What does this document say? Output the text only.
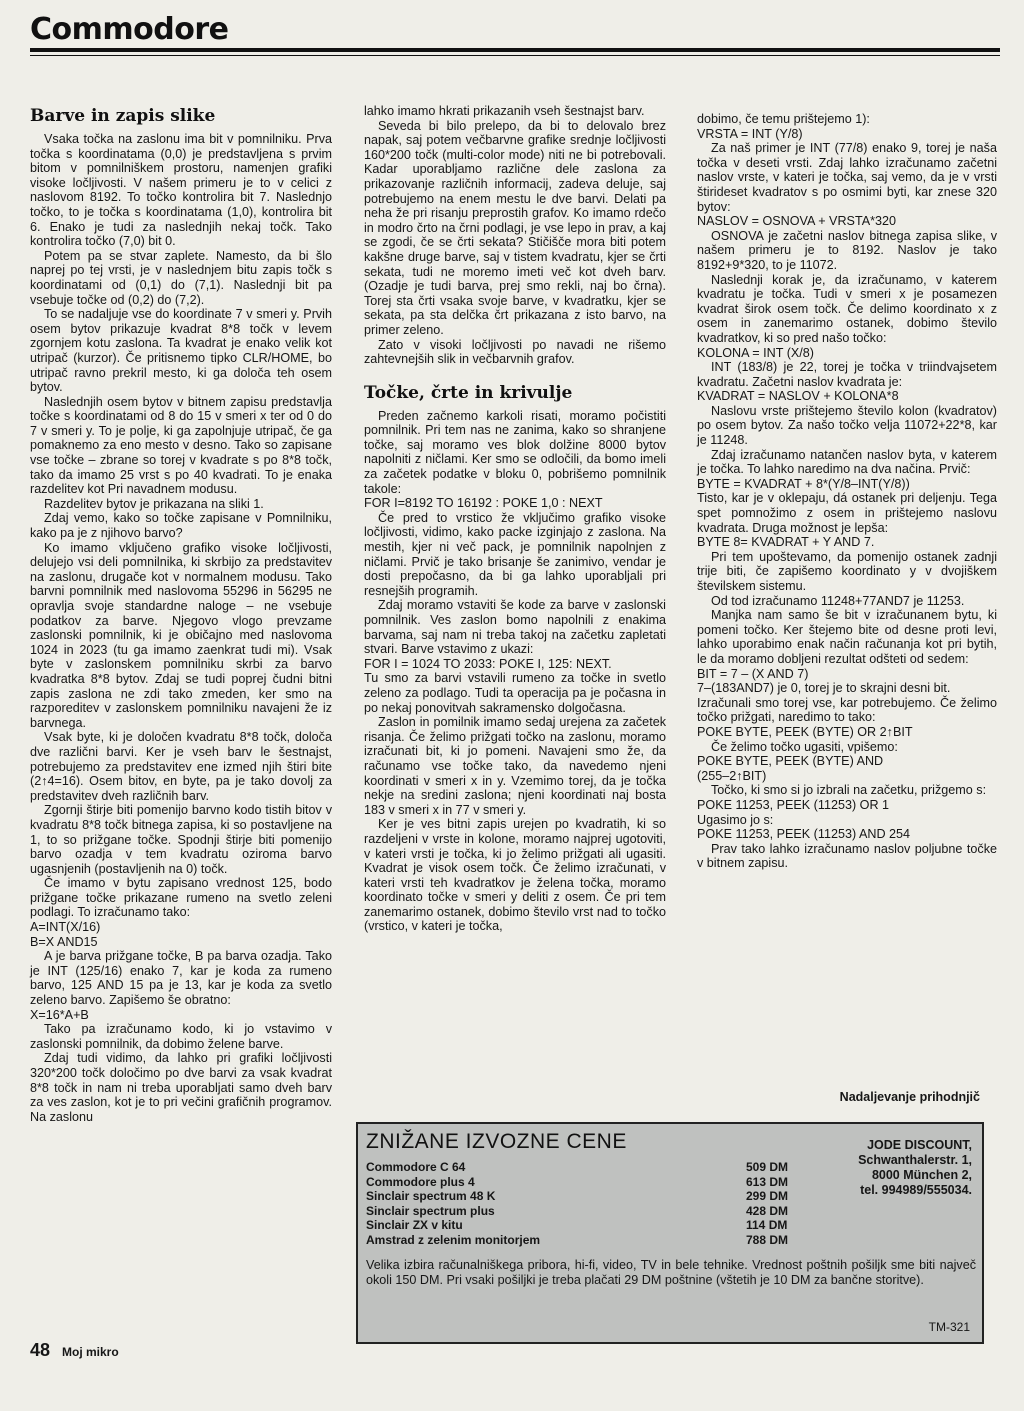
Commodore
Barve in zapis slike

Vsaka točka na zaslonu ima bit v pomnilniku. Prva točka s koordinatama (0,0) je predstavljena s prvim bitom v pomnilniškem prostoru, namenjen grafiki visoke ločljivosti. V našem primeru je to v celici z naslovom 8192. To točko kontrolira bit 7. Naslednjo točko, to je točka s koordinatama (1,0), kontrolira bit 6. Enako je tudi za naslednjih nekaj točk. Tako kontrolira točko (7,0) bit 0.

Potem pa se stvar zaplete. Namesto, da bi šlo naprej po tej vrsti, je v naslednjem bitu zapis točk s koordinatami od (0,1) do (7,1). Naslednji bit pa vsebuje točke od (0,2) do (7,2).

To se nadaljuje vse do koordinate 7 v smeri y. Prvih osem bytov prikazuje kvadrat 8*8 točk v levem zgornjem kotu zaslona. Ta kvadrat je enako velik kot utripač (kurzor). Če pritisnemo tipko CLR/HOME, bo utripač ravno prekril mesto, ki ga določa teh osem bytov.

Naslednjih osem bytov v bitnem zapisu predstavlja točke s koordinatami od 8 do 15 v smeri x ter od 0 do 7 v smeri y. To je polje, ki ga zapolnjuje utripač, če ga pomaknemo za eno mesto v desno. Tako so zapisane vse točke – zbrane so torej v kvadrate s po 8*8 točk, tako da imamo 25 vrst s po 40 kvadrati. To je enaka razdelitev kot Pri navadnem modusu.

Razdelitev bytov je prikazana na sliki 1.

Zdaj vemo, kako so točke zapisane v Pomnilniku, kako pa je z njihovo barvo?

Ko imamo vključeno grafiko visoke ločljivosti, delujejo vsi deli pomnilnika, ki skrbijo za predstavitev na zaslonu, drugače kot v normalnem modusu. Tako barvni pomnilnik med naslovoma 55296 in 56295 ne opravlja svoje standardne naloge – ne vsebuje podatkov za barve. Njegovo vlogo prevzame zaslonski pomnilnik, ki je običajno med naslovoma 1024 in 2023 (tu ga imamo zaenkrat tudi mi). Vsak byte v zaslonskem pomnilniku skrbi za barvo kvadratka 8*8 bytov. Zdaj se tudi poprej čudni bitni zapis zaslona ne zdi tako zmeden, ker smo na razporeditev v zaslonskem pomnilniku navajeni že iz barvnega.

Vsak byte, ki je določen kvadratu 8*8 točk, določa dve različni barvi. Ker je vseh barv le šestnajst, potrebujemo za predstavitev ene izmed njih štiri bite (2↑4=16). Osem bitov, en byte, pa je tako dovolj za predstavitev dveh različnih barv.

Zgornji štirje biti pomenijo barvno kodo tistih bitov v kvadratu 8*8 točk bitnega zapisa, ki so postavljene na 1, to so prižgane točke. Spodnji štirje biti pomenijo barvo ozadja v tem kvadratu oziroma barvo ugasnjenih (postavljenih na 0) točk.

Če imamo v bytu zapisano vrednost 125, bodo prižgane točke prikazane rumeno na svetlo zeleni podlagi. To izračunamo tako:

A=INT(X/16)

B=X AND15

A je barva prižgane točke, B pa barva ozadja. Tako je INT (125/16) enako 7, kar je koda za rumeno barvo, 125 AND 15 pa je 13, kar je koda za svetlo zeleno barvo. Zapišemo še obratno:

X=16*A+B

Tako pa izračunamo kodo, ki jo vstavimo v zaslonski pomnilnik, da dobimo želene barve.

Zdaj tudi vidimo, da lahko pri grafiki ločljivosti 320*200 točk določimo po dve barvi za vsak kvadrat 8*8 točk in nam ni treba uporabljati samo dveh barv za ves zaslon, kot je to pri večini grafičnih programov. Na zaslonu

lahko imamo hkrati prikazanih vseh šestnajst barv.

Seveda bi bilo prelepo, da bi to delovalo brez napak, saj potem večbarvne grafike srednje ločljivosti 160*200 točk (multi-color mode) niti ne bi potrebovali. Kadar uporabljamo različne dele zaslona za prikazovanje različnih informacij, zadeva deluje, saj potrebujemo na enem mestu le dve barvi. Delati pa neha že pri risanju preprostih grafov. Ko imamo rdečo in modro črto na črni podlagi, je vse lepo in prav, a kaj se zgodi, če se črti sekata? Stičišče mora biti potem kakšne druge barve, saj v tistem kvadratu, kjer se črti sekata, tudi ne moremo imeti več kot dveh barv. (Ozadje je tudi barva, prej smo rekli, naj bo črna). Torej sta črti vsaka svoje barve, v kvadratku, kjer se sekata, pa sta delčka črt prikazana z isto barvo, na primer zeleno.

Zato v visoki ločljivosti po navadi ne rišemo zahtevnejših slik in večbarvnih grafov.

Točke, črte in krivulje

Preden začnemo karkoli risati, moramo počistiti pomnilnik. Pri tem nas ne zanima, kako so shranjene točke, saj moramo ves blok dolžine 8000 bytov napolniti z ničlami. Ker smo se odločili, da bomo imeli za začetek podatke v bloku 0, pobrišemo pomnilnik takole:

FOR I=8192 TO 16192 : POKE 1,0 : NEXT

Če pred to vrstico že vključimo grafiko visoke ločljivosti, vidimo, kako packe izginjajo z zaslona. Na mestih, kjer ni več pack, je pomnilnik napolnjen z ničlami. Prvič je tako brisanje še zanimivo, vendar je dosti prepočasno, da bi ga lahko uporabljali pri resnejših programih.

Zdaj moramo vstaviti še kode za barve v zaslonski pomnilnik. Ves zaslon bomo napolnili z enakima barvama, saj nam ni treba takoj na začetku zapletati stvari. Barve vstavimo z ukazi:

FOR I = 1024 TO 2033: POKE I, 125: NEXT.

Tu smo za barvi vstavili rumeno za točke in svetlo zeleno za podlago. Tudi ta operacija pa je počasna in po nekaj ponovitvah sakramensko dolgočasna.

Zaslon in pomilnik imamo sedaj urejena za začetek risanja. Če želimo prižgati točko na zaslonu, moramo izračunati bit, ki jo pomeni. Navajeni smo že, da računamo vse točke tako, da navedemo njeni koordinati v smeri x in y. Vzemimo torej, da je točka nekje na sredini zaslona; njeni koordinati naj bosta 183 v smeri x in 77 v smeri y.

Ker je ves bitni zapis urejen po kvadratih, ki so razdeljeni v vrste in kolone, moramo najprej ugotoviti, v kateri vrsti je točka, ki jo želimo prižgati ali ugasiti. Kvadrat je visok osem točk. Če želimo izračunati, v kateri vrsti teh kvadratkov je želena točka, moramo koordinato točke v smeri y deliti z osem. Če pri tem zanemarimo ostanek, dobimo število vrst nad to točko (vrstico, v kateri je točka,

dobimo, če temu prištejemo 1):

VRSTA = INT (Y/8)

Za naš primer je INT (77/8) enako 9, torej je naša točka v deseti vrsti. Zdaj lahko izračunamo začetni naslov vrste, v kateri je točka, saj vemo, da je v vrsti štirideset kvadratov s po osmimi byti, kar znese 320 bytov:

NASLOV = OSNOVA + VRSTA*320

OSNOVA je začetni naslov bitnega zapisa slike, v našem primeru je to 8192. Naslov je tako 8192+9*320, to je 11072.

Naslednji korak je, da izračunamo, v katerem kvadratu je točka. Tudi v smeri x je posamezen kvadrat širok osem točk. Če delimo koordinato x z osem in zanemarimo ostanek, dobimo število kvadratkov, ki so pred našo točko:

KOLONA = INT (X/8)

INT (183/8) je 22, torej je točka v triindvajsetem kvadratu. Začetni naslov kvadrata je:

KVADRAT = NASLOV + KOLONA*8

Naslovu vrste prištejemo število kolon (kvadratov) po osem bytov. Za našo točko velja 11072+22*8, kar je 11248.

Zdaj izračunamo natančen naslov byta, v katerem je točka. To lahko naredimo na dva načina. Prvič:

BYTE = KVADRAT + 8*(Y/8–INT(Y/8))

Tisto, kar je v oklepaju, dá ostanek pri deljenju. Tega spet pomnožimo z osem in prištejemo naslovu kvadrata. Druga možnost je lepša:

BYTE 8= KVADRAT + Y AND 7.

Pri tem upoštevamo, da pomenijo ostanek zadnji trije biti, če zapišemo koordinato y v dvojiškem številskem sistemu.

Od tod izračunamo 11248+77AND7 je 11253.

Manjka nam samo še bit v izračunanem bytu, ki pomeni točko. Ker štejemo bite od desne proti levi, lahko uporabimo enak način računanja kot pri bytih, le da moramo dobljeni rezultat odšteti od sedem:

BIT = 7 – (X AND 7)

7–(183AND7) je 0, torej je to skrajni desni bit.

Izračunali smo torej vse, kar potrebujemo. Če želimo točko prižgati, naredimo to tako:

POKE BYTE, PEEK (BYTE) OR 2↑BIT

Če želimo točko ugasiti, vpišemo:

POKE BYTE, PEEK (BYTE) AND

(255–2↑BIT)

Točko, ki smo si jo izbrali na začetku, prižgemo s:

POKE 11253, PEEK (11253) OR 1

Ugasimo jo s:

POKE 11253, PEEK (11253) AND 254

Prav tako lahko izračunamo naslov poljubne točke v bitnem zapisu.

Nadaljevanje prihodnjič
ZNIŽANE IZVOZNE CENE
Commodore C 64	509 DM
Commodore plus 4	613 DM
Sinclair spectrum 48 K	299 DM
Sinclair spectrum plus	428 DM
Sinclair ZX v kitu	114 DM
Amstrad z zelenim monitorjem	788 DM
JODE DISCOUNT,
Schwanthalerstr. 1,
8000 München 2,
tel. 994989/555034.
Velika izbira računalniškega pribora, hi-fi, video, TV in bele tehnike. Vrednost poštnih pošiljk sme biti največ okoli 150 DM. Pri vsaki pošiljki je treba plačati 29 DM poštnine (vštetih je 10 DM za bančne storitve).
TM-321
48 Moj mikro
